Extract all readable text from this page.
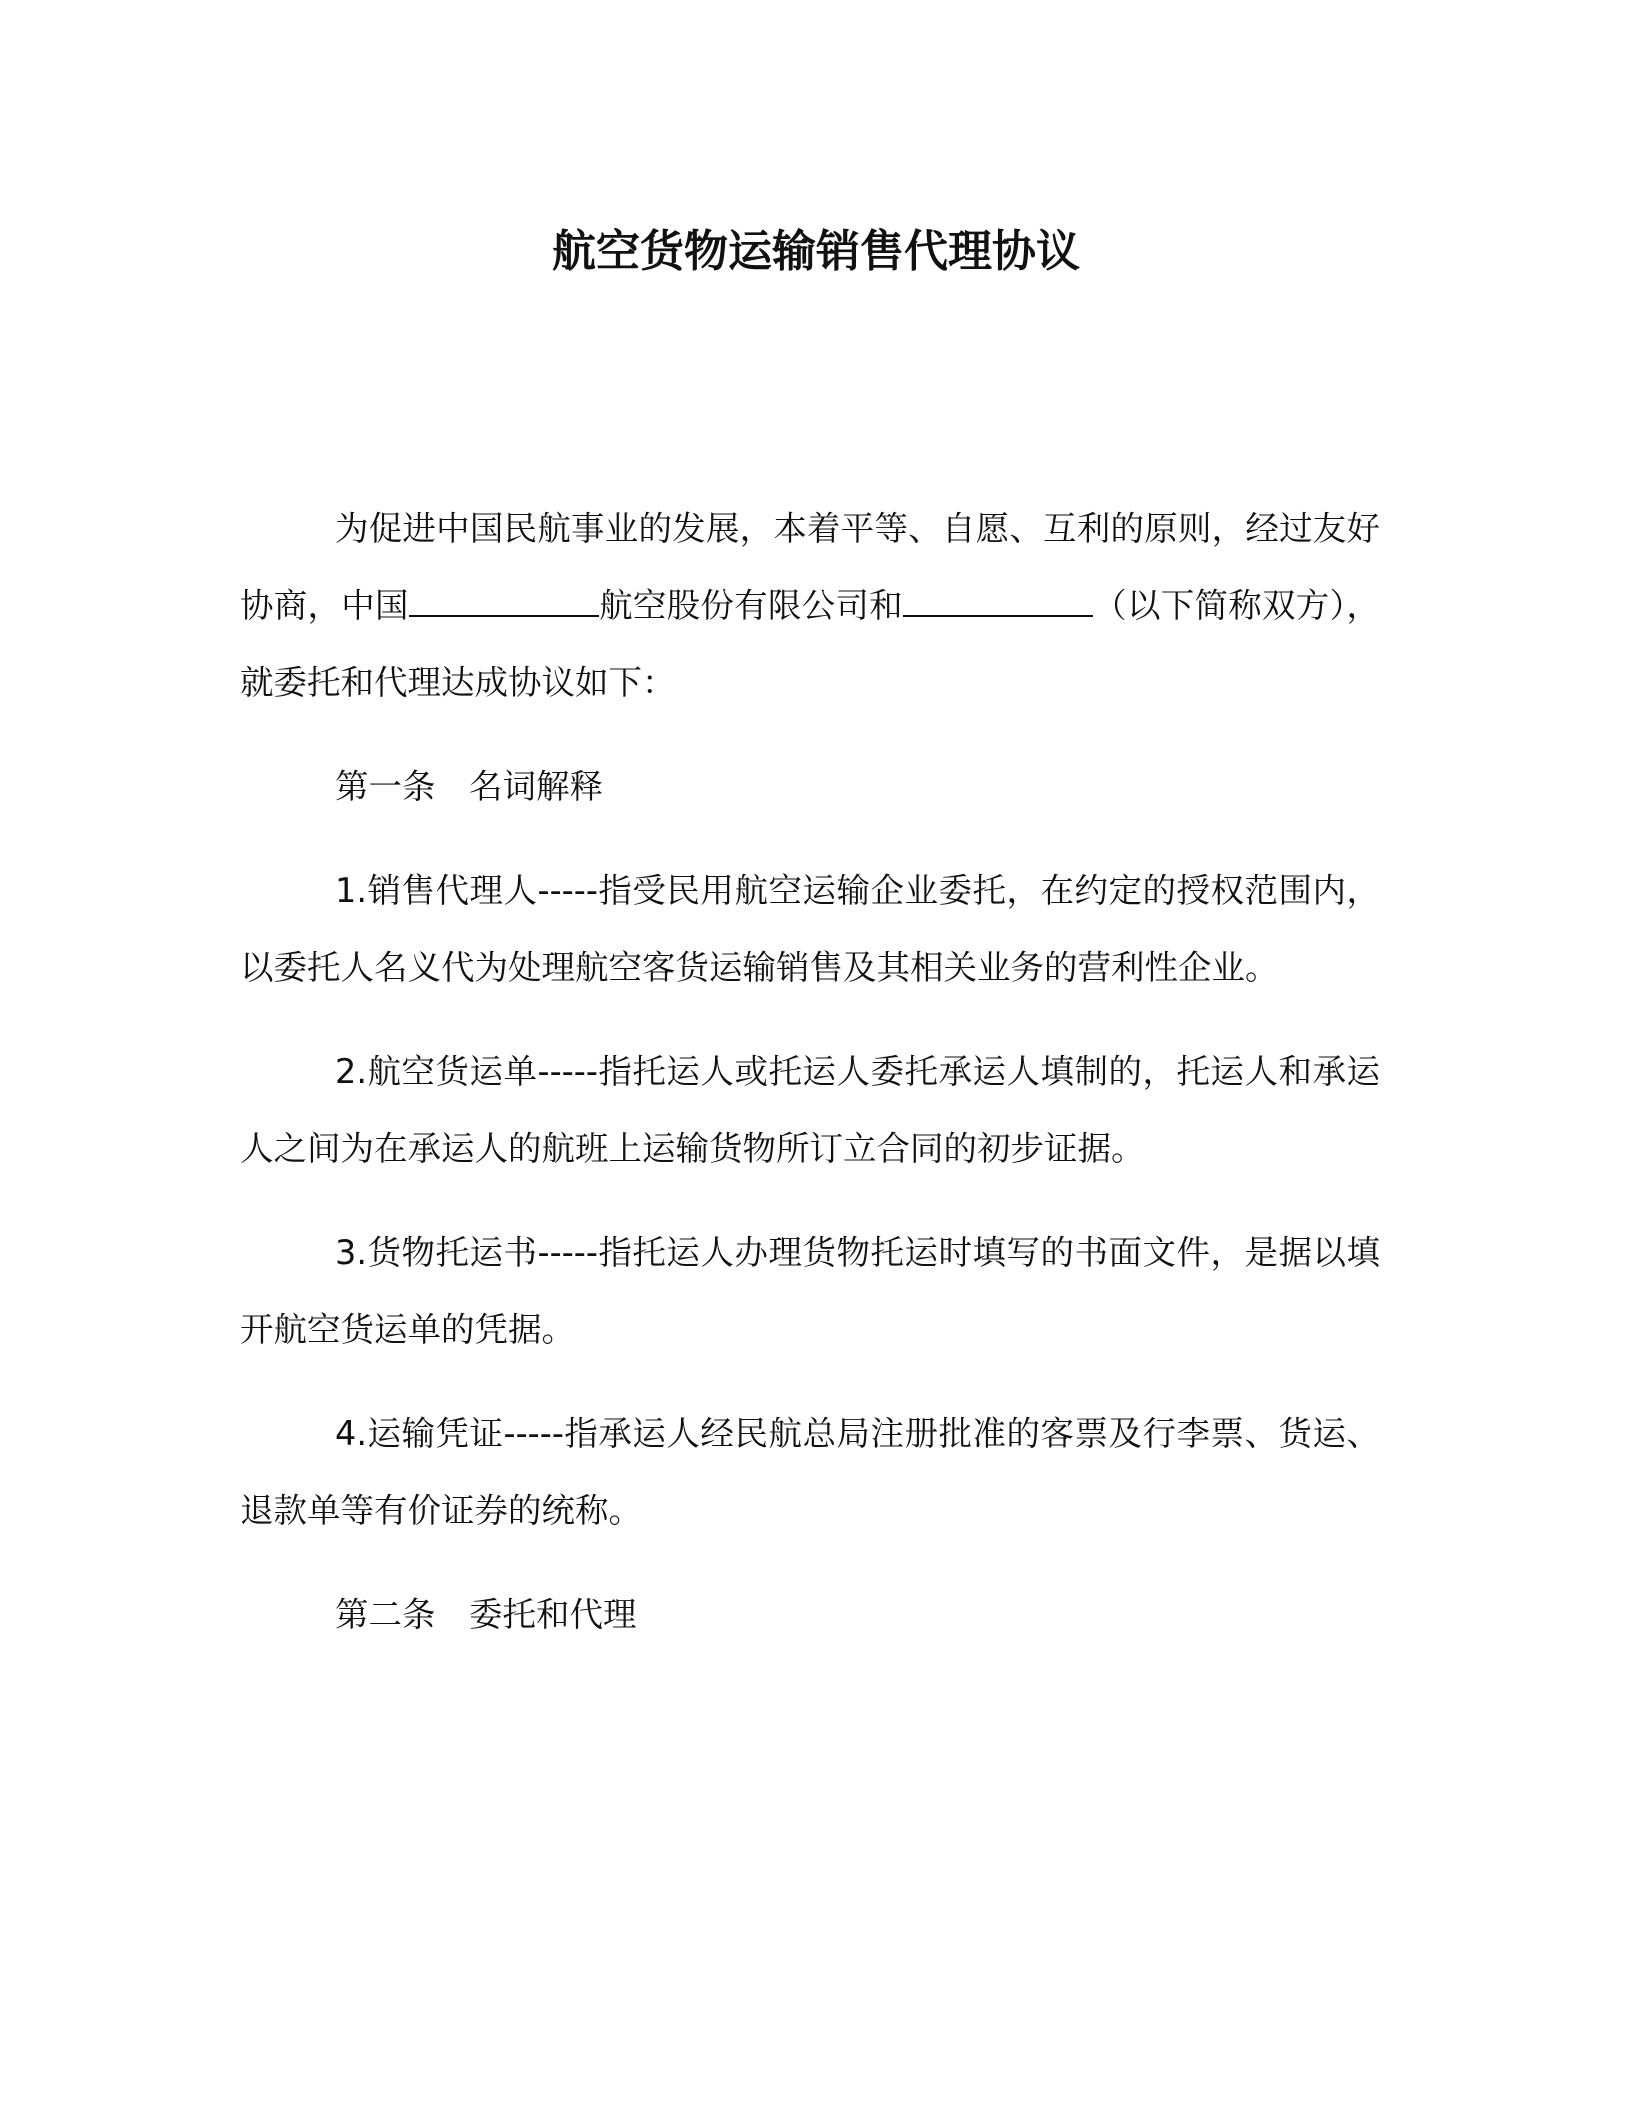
航空货物运输销售代理协议

为促进中国民航事业的发展，本着平等、自愿、互利的原则，经过友好协商，中国	航空股份有限公司和	（以下简称双方），就委托和代理达成协议如下：

第一条　名词解释

1.销售代理人-----指受民用航空运输企业委托，在约定的授权范围内，以委托人名义代为处理航空客货运输销售及其相关业务的营利性企业。

2.航空货运单-----指托运人或托运人委托承运人填制的，托运人和承运人之间为在承运人的航班上运输货物所订立合同的初步证据。

3.货物托运书-----指托运人办理货物托运时填写的书面文件，是据以填开航空货运单的凭据。

4.运输凭证-----指承运人经民航总局注册批准的客票及行李票、货运、退款单等有价证券的统称。

第二条　委托和代理
